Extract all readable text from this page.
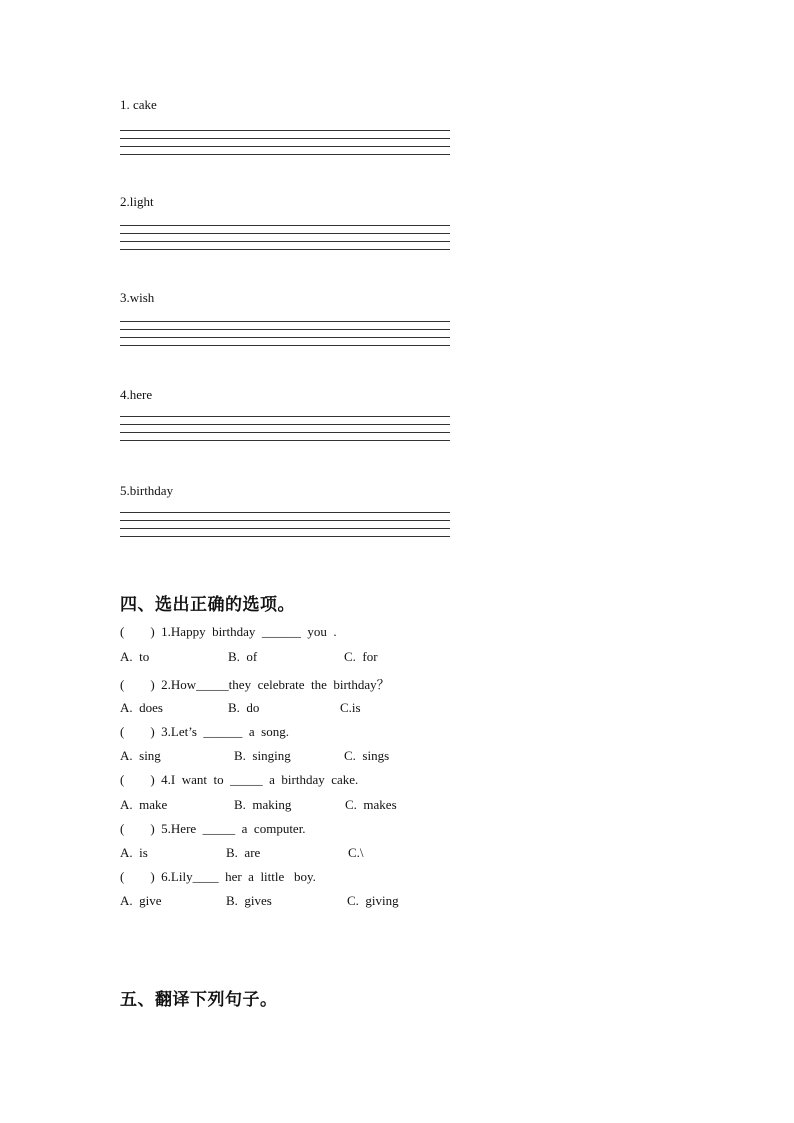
1. cake
2.light
3.wish
4.here
5.birthday
四、选出正确的选项。
(        )  1.Happy  birthday  ______  you  .
A.  to	B.  of	C.  for
(        )  2.How_____they  celebrate  the  birthday？
A.  does	B.  do	C.is
(        )  3.Let’s  ______  a  song.
A.  sing	B.  singing	C.  sings
(        )  4.I  want  to  _____  a  birthday  cake.
A.  make	B.  making	C.  makes
(        )  5.Here  _____  a  computer.
A.  is	B.  are	C.\
(        )  6.Lily____  her  a  little   boy.
A.  give	B.  gives	C.  giving
五、翻译下列句子。
